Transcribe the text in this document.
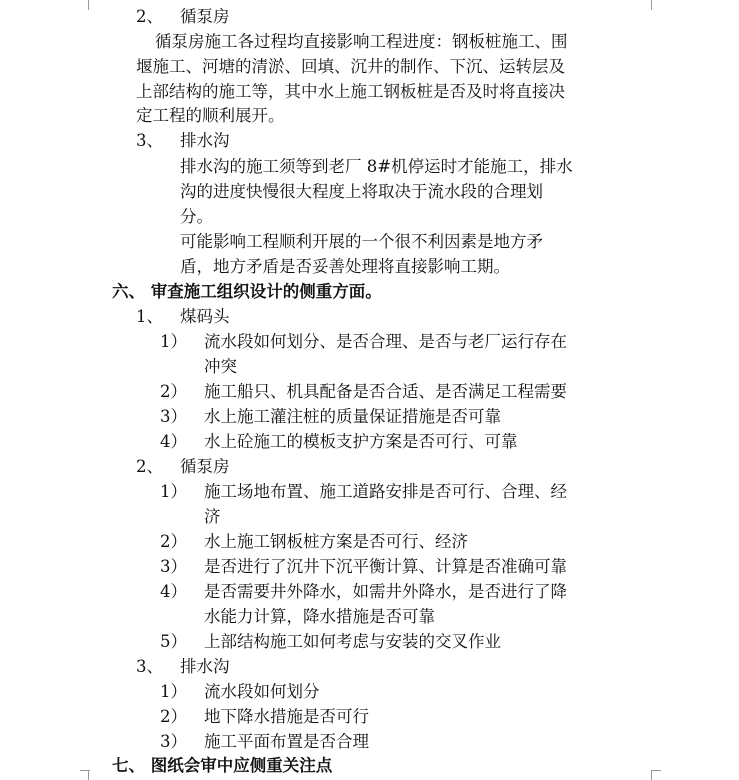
2、 循泵房
循泵房施工各过程均直接影响工程进度：钢板桩施工、围
堰施工、河塘的清淤、回填、沉井的制作、下沉、运转层及
上部结构的施工等，其中水上施工钢板桩是否及时将直接决
定工程的顺利展开。
3、 排水沟
排水沟的施工须等到老厂 8#机停运时才能施工，排水
沟的进度快慢很大程度上将取决于流水段的合理划
分。
可能影响工程顺利开展的一个很不利因素是地方矛
盾，地方矛盾是否妥善处理将直接影响工期。
六、 审查施工组织设计的侧重方面。
1、 煤码头
1） 流水段如何划分、是否合理、是否与老厂运行存在
冲突
2） 施工船只、机具配备是否合适、是否满足工程需要
3） 水上施工灌注桩的质量保证措施是否可靠
4） 水上砼施工的模板支护方案是否可行、可靠
2、 循泵房
1） 施工场地布置、施工道路安排是否可行、合理、经
济
2） 水上施工钢板桩方案是否可行、经济
3） 是否进行了沉井下沉平衡计算、计算是否准确可靠
4） 是否需要井外降水，如需井外降水，是否进行了降
水能力计算，降水措施是否可靠
5） 上部结构施工如何考虑与安装的交叉作业
3、 排水沟
1） 流水段如何划分
2） 地下降水措施是否可行
3） 施工平面布置是否合理
七、 图纸会审中应侧重关注点
